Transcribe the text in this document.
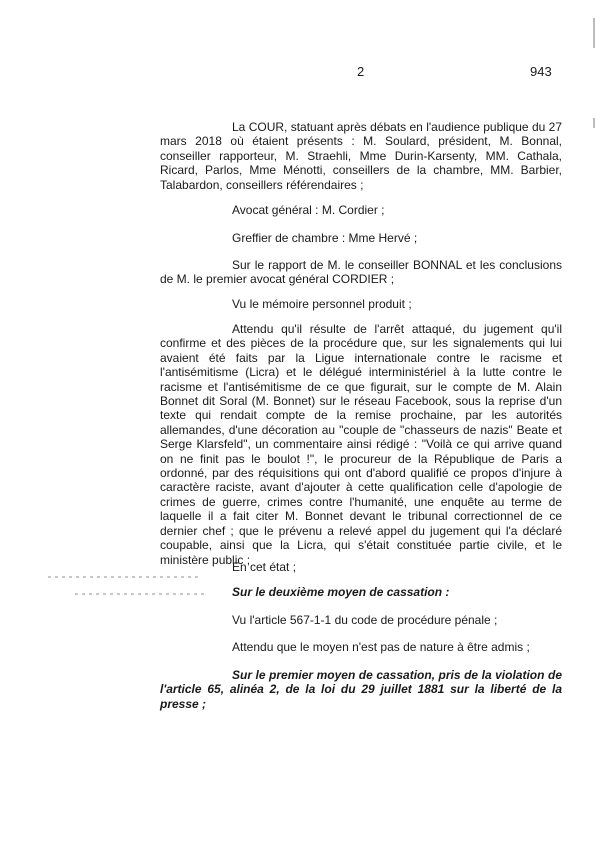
2	943
La COUR, statuant après débats en l'audience publique du 27 mars 2018 où étaient présents : M. Soulard, président, M. Bonnal, conseiller rapporteur, M. Straehli, Mme Durin-Karsenty, MM. Cathala, Ricard, Parlos, Mme Ménotti, conseillers de la chambre, MM. Barbier, Talabardon, conseillers référendaires ;
Avocat général : M. Cordier ;
Greffier de chambre : Mme Hervé ;
Sur le rapport de M. le conseiller BONNAL et les conclusions de M. le premier avocat général CORDIER ;
Vu le mémoire personnel produit ;
Attendu qu'il résulte de l'arrêt attaqué, du jugement qu'il confirme et des pièces de la procédure que, sur les signalements qui lui avaient été faits par la Ligue internationale contre le racisme et l'antisémitisme (Licra) et le délégué interministériel à la lutte contre le racisme et l'antisémitisme de ce que figurait, sur le compte de M. Alain Bonnet dit Soral (M. Bonnet) sur le réseau Facebook, sous la reprise d'un texte qui rendait compte de la remise prochaine, par les autorités allemandes, d'une décoration au "couple de "chasseurs de nazis" Beate et Serge Klarsfeld", un commentaire ainsi rédigé : "Voilà ce qui arrive quand on ne finit pas le boulot !", le procureur de la République de Paris a ordonné, par des réquisitions qui ont d'abord qualifié ce propos d'injure à caractère raciste, avant d'ajouter à cette qualification celle d'apologie de crimes de guerre, crimes contre l'humanité, une enquête au terme de laquelle il a fait citer M. Bonnet devant le tribunal correctionnel de ce dernier chef ; que le prévenu a relevé appel du jugement qui l'a déclaré coupable, ainsi que la Licra, qui s'était constituée partie civile, et le ministère public ;
En cet état ;
Sur le deuxième moyen de cassation :
Vu l'article 567-1-1 du code de procédure pénale ;
Attendu que le moyen n'est pas de nature à être admis ;
Sur le premier moyen de cassation, pris de la violation de l'article 65, alinéa 2, de la loi du 29 juillet 1881 sur la liberté de la presse ;
